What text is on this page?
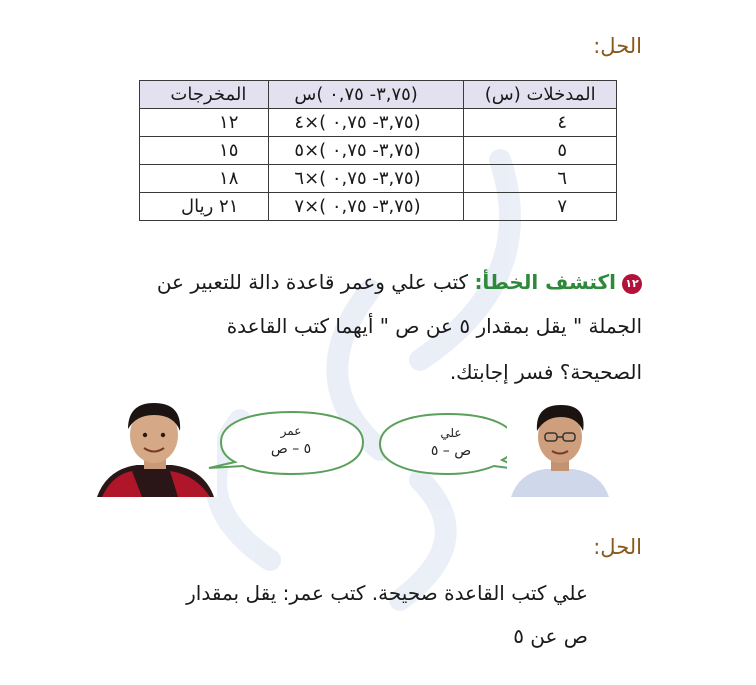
الحل:
المدخلات (س)	(٣,٧٥- ٠,٧٥ )س	المخرجات
٤	(٣,٧٥- ٠,٧٥ )×٤	١٢
٥	(٣,٧٥- ٠,٧٥ )×٥	١٥
٦	(٣,٧٥- ٠,٧٥ )×٦	١٨
٧	(٣,٧٥- ٠,٧٥ )×٧	٢١ ريال
١٢اكتشف الخطأ: كتب علي وعمر قاعدة دالة للتعبير عن
الجملة " يقل بمقدار ٥ عن ص " أيهما كتب القاعدة
الصحيحة؟ فسر إجابتك.
عمر
٥ – ص
علي
ص – ٥
الحل:
علي كتب القاعدة صحيحة. كتب عمر: يقل بمقدار
ص عن ٥
